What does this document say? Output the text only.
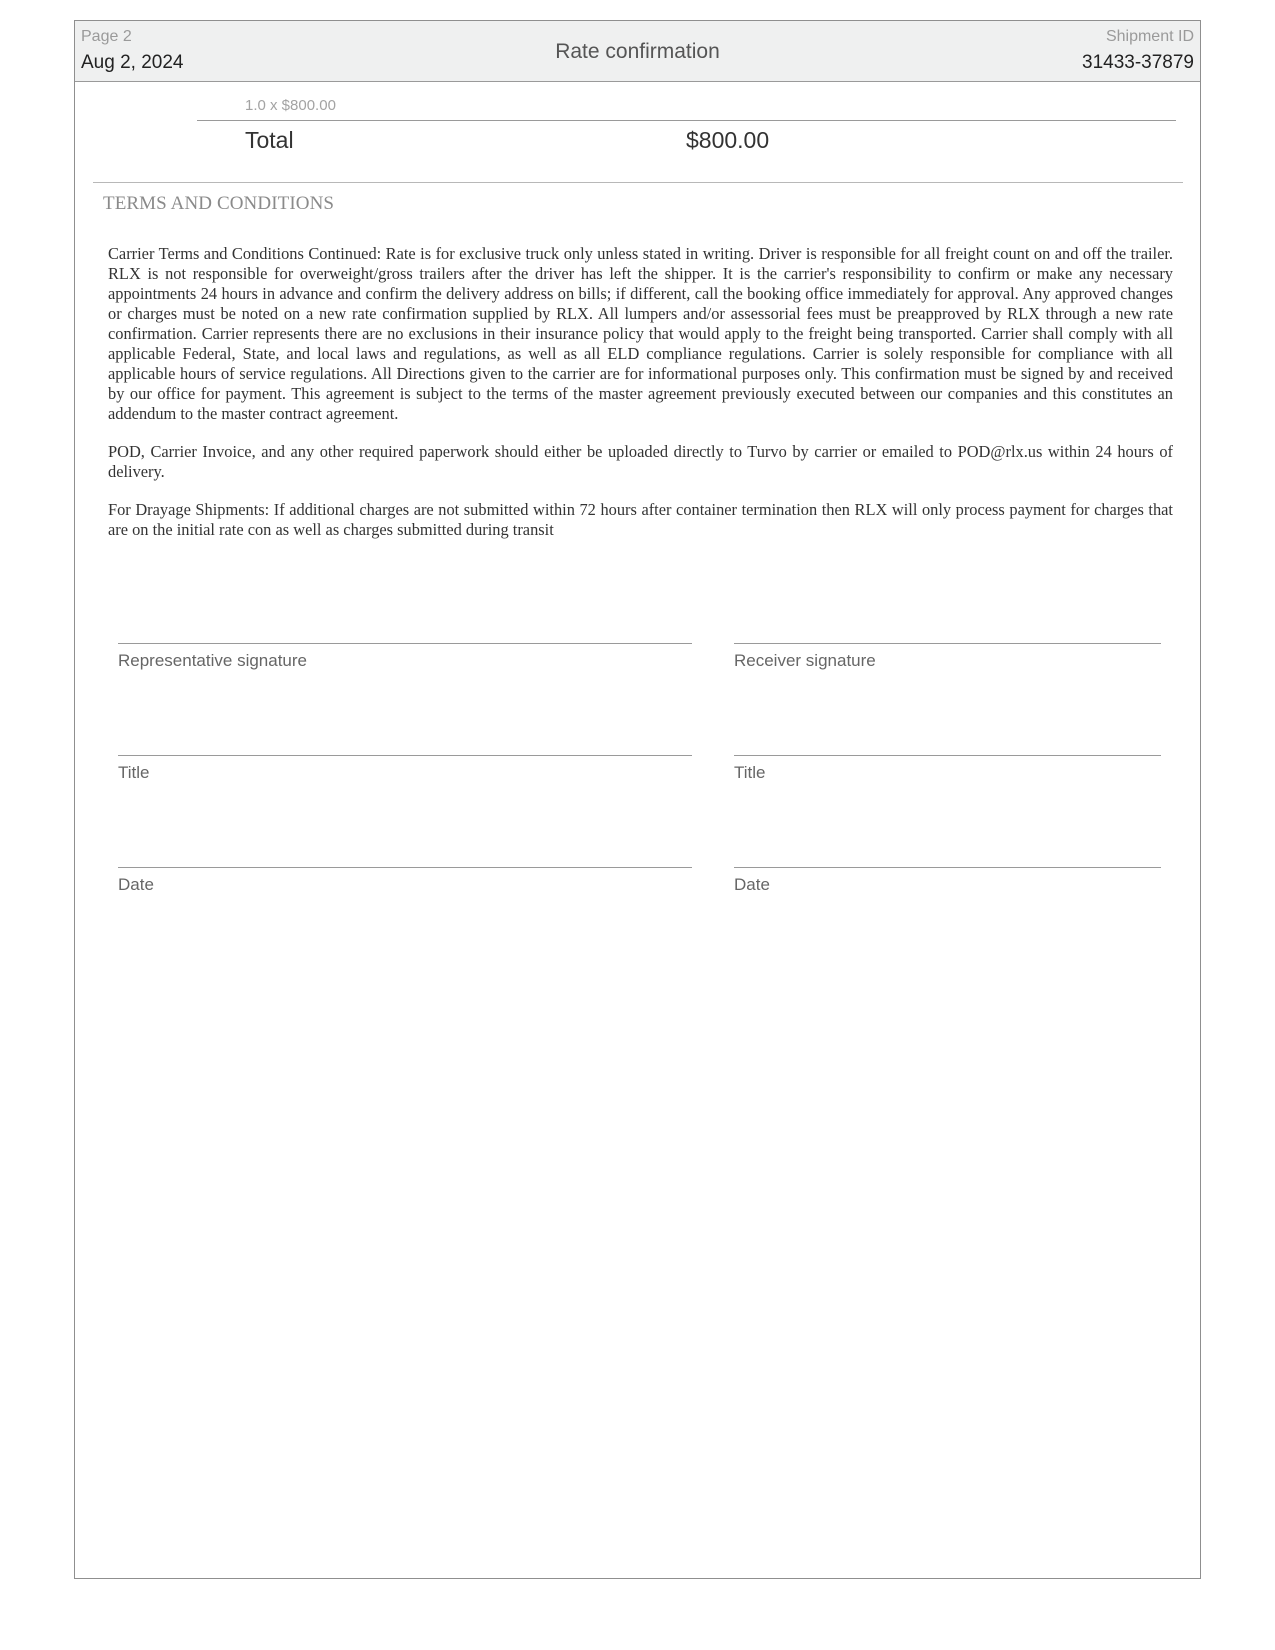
Page 2
Aug 2, 2024	Rate confirmation
Shipment ID
31433-37879
1.0 x $800.00
Total	$800.00
TERMS AND CONDITIONS

Carrier Terms and Conditions Continued: Rate is for exclusive truck only unless stated in writing. Driver is responsible for all freight count on and off the trailer. RLX is not responsible for overweight/gross trailers after the driver has left the shipper. It is the carrier's responsibility to confirm or make any necessary appointments 24 hours in advance and confirm the delivery address on bills; if different, call the booking office immediately for approval. Any approved changes or charges must be noted on a new rate confirmation supplied by RLX. All lumpers and/or assessorial fees must be preapproved by RLX through a new rate confirmation. Carrier represents there are no exclusions in their insurance policy that would apply to the freight being transported. Carrier shall comply with all applicable Federal, State, and local laws and regulations, as well as all ELD compliance regulations. Carrier is solely responsible for compliance with all applicable hours of service regulations. All Directions given to the carrier are for informational purposes only. This confirmation must be signed by and received by our office for payment. This agreement is subject to the terms of the master agreement previously executed between our companies and this constitutes an addendum to the master contract agreement.

POD, Carrier Invoice, and any other required paperwork should either be uploaded directly to Turvo by carrier or emailed to POD@rlx.us within 24 hours of delivery.

For Drayage Shipments: If additional charges are not submitted within 72 hours after container termination then RLX will only process payment for charges that are on the initial rate con as well as charges submitted during transit

Representative signature
Title
Date
Receiver signature
Title
Date
